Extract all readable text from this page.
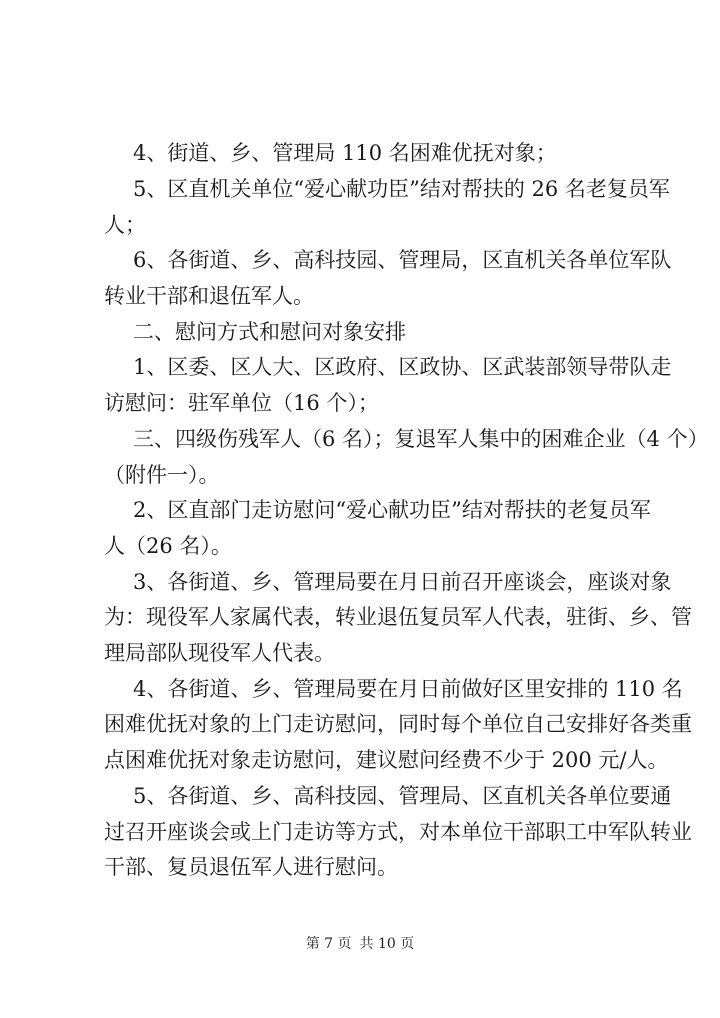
4、街道、乡、管理局 110 名困难优抚对象；
5、区直机关单位“爱心献功臣”结对帮扶的 26 名老复员军
人；
6、各街道、乡、高科技园、管理局，区直机关各单位军队
转业干部和退伍军人。
二、慰问方式和慰问对象安排
1、区委、区人大、区政府、区政协、区武装部领导带队走
访慰问：驻军单位（16 个）；
三、四级伤残军人（6 名）；复退军人集中的困难企业（4 个）
（附件一）。
2、区直部门走访慰问“爱心献功臣”结对帮扶的老复员军
人（26 名）。
3、各街道、乡、管理局要在月日前召开座谈会，座谈对象
为：现役军人家属代表，转业退伍复员军人代表，驻街、乡、管
理局部队现役军人代表。
4、各街道、乡、管理局要在月日前做好区里安排的 110 名
困难优抚对象的上门走访慰问，同时每个单位自己安排好各类重
点困难优抚对象走访慰问，建议慰问经费不少于 200 元/人。
5、各街道、乡、高科技园、管理局、区直机关各单位要通
过召开座谈会或上门走访等方式，对本单位干部职工中军队转业
干部、复员退伍军人进行慰问。
第 7 页 共 10 页
